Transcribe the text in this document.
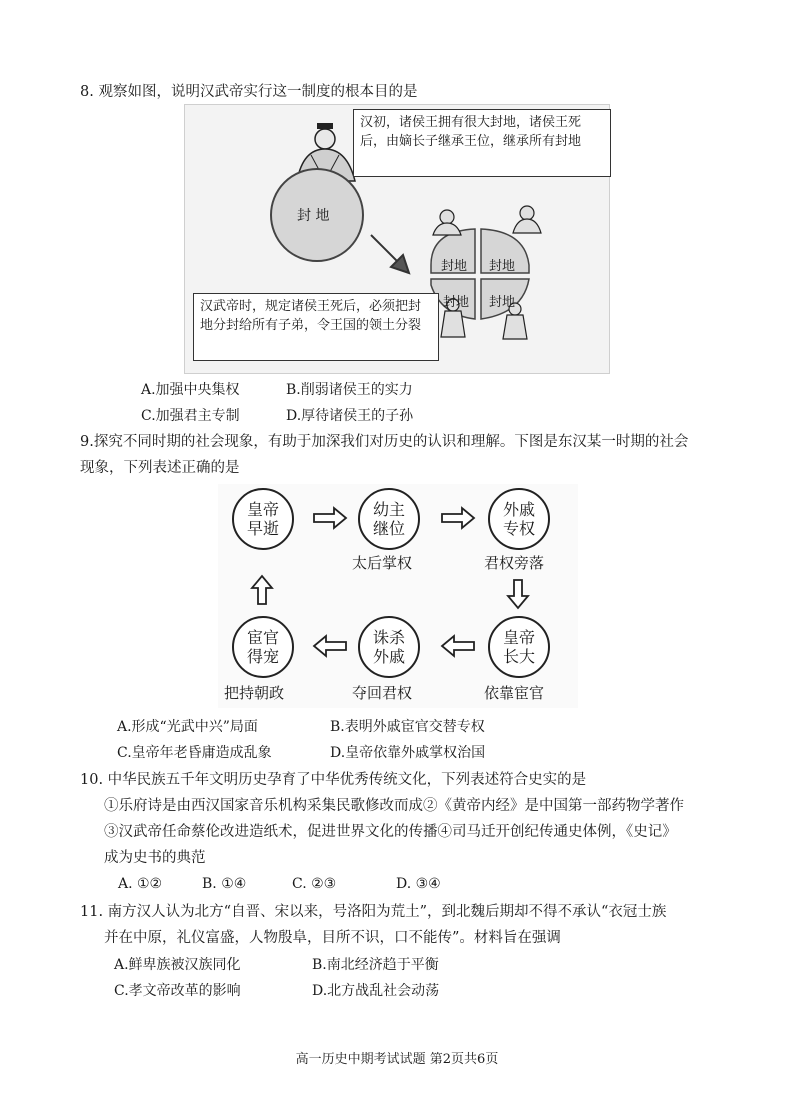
8. 观察如图，说明汉武帝实行这一制度的根本目的是
汉初，诸侯王拥有很大封地，诸侯王死后，由嫡长子继承王位，继承所有封地
汉武帝时，规定诸侯王死后，必须把封地分封给所有子弟，令王国的领土分裂
封 地
封地 封地
封地 封地
A.加强中央集权	B.削弱诸侯王的实力
C.加强君主专制	D.厚待诸侯王的子孙
9.探究不同时期的社会现象，有助于加深我们对历史的认识和理解。下图是东汉某一时期的社会
现象，下列表述正确的是
皇帝早逝
幼主继位
外戚专权
皇帝长大
诛杀外戚
宦官得宠
太后掌权	君权旁落
依靠宦官
夺回君权
把持朝政
A.形成“光武中兴”局面	B.表明外戚宦官交替专权
C.皇帝年老昏庸造成乱象	D.皇帝依靠外戚掌权治国
10. 中华民族五千年文明历史孕育了中华优秀传统文化，下列表述符合史实的是
①乐府诗是由西汉国家音乐机构采集民歌修改而成②《黄帝内经》是中国第一部药物学著作
③汉武帝任命蔡伦改进造纸术，促进世界文化的传播④司马迁开创纪传通史体例，《史记》
成为史书的典范
A. ①②	B. ①④	C. ②③	D. ③④
11. 南方汉人认为北方“自晋、宋以来，号洛阳为荒土”，到北魏后期却不得不承认“衣冠士族
并在中原，礼仪富盛，人物殷阜，目所不识，口不能传”。材料旨在强调
A.鲜卑族被汉族同化	B.南北经济趋于平衡
C.孝文帝改革的影响	D.北方战乱社会动荡
高一历史中期考试试题 第2页共6页
